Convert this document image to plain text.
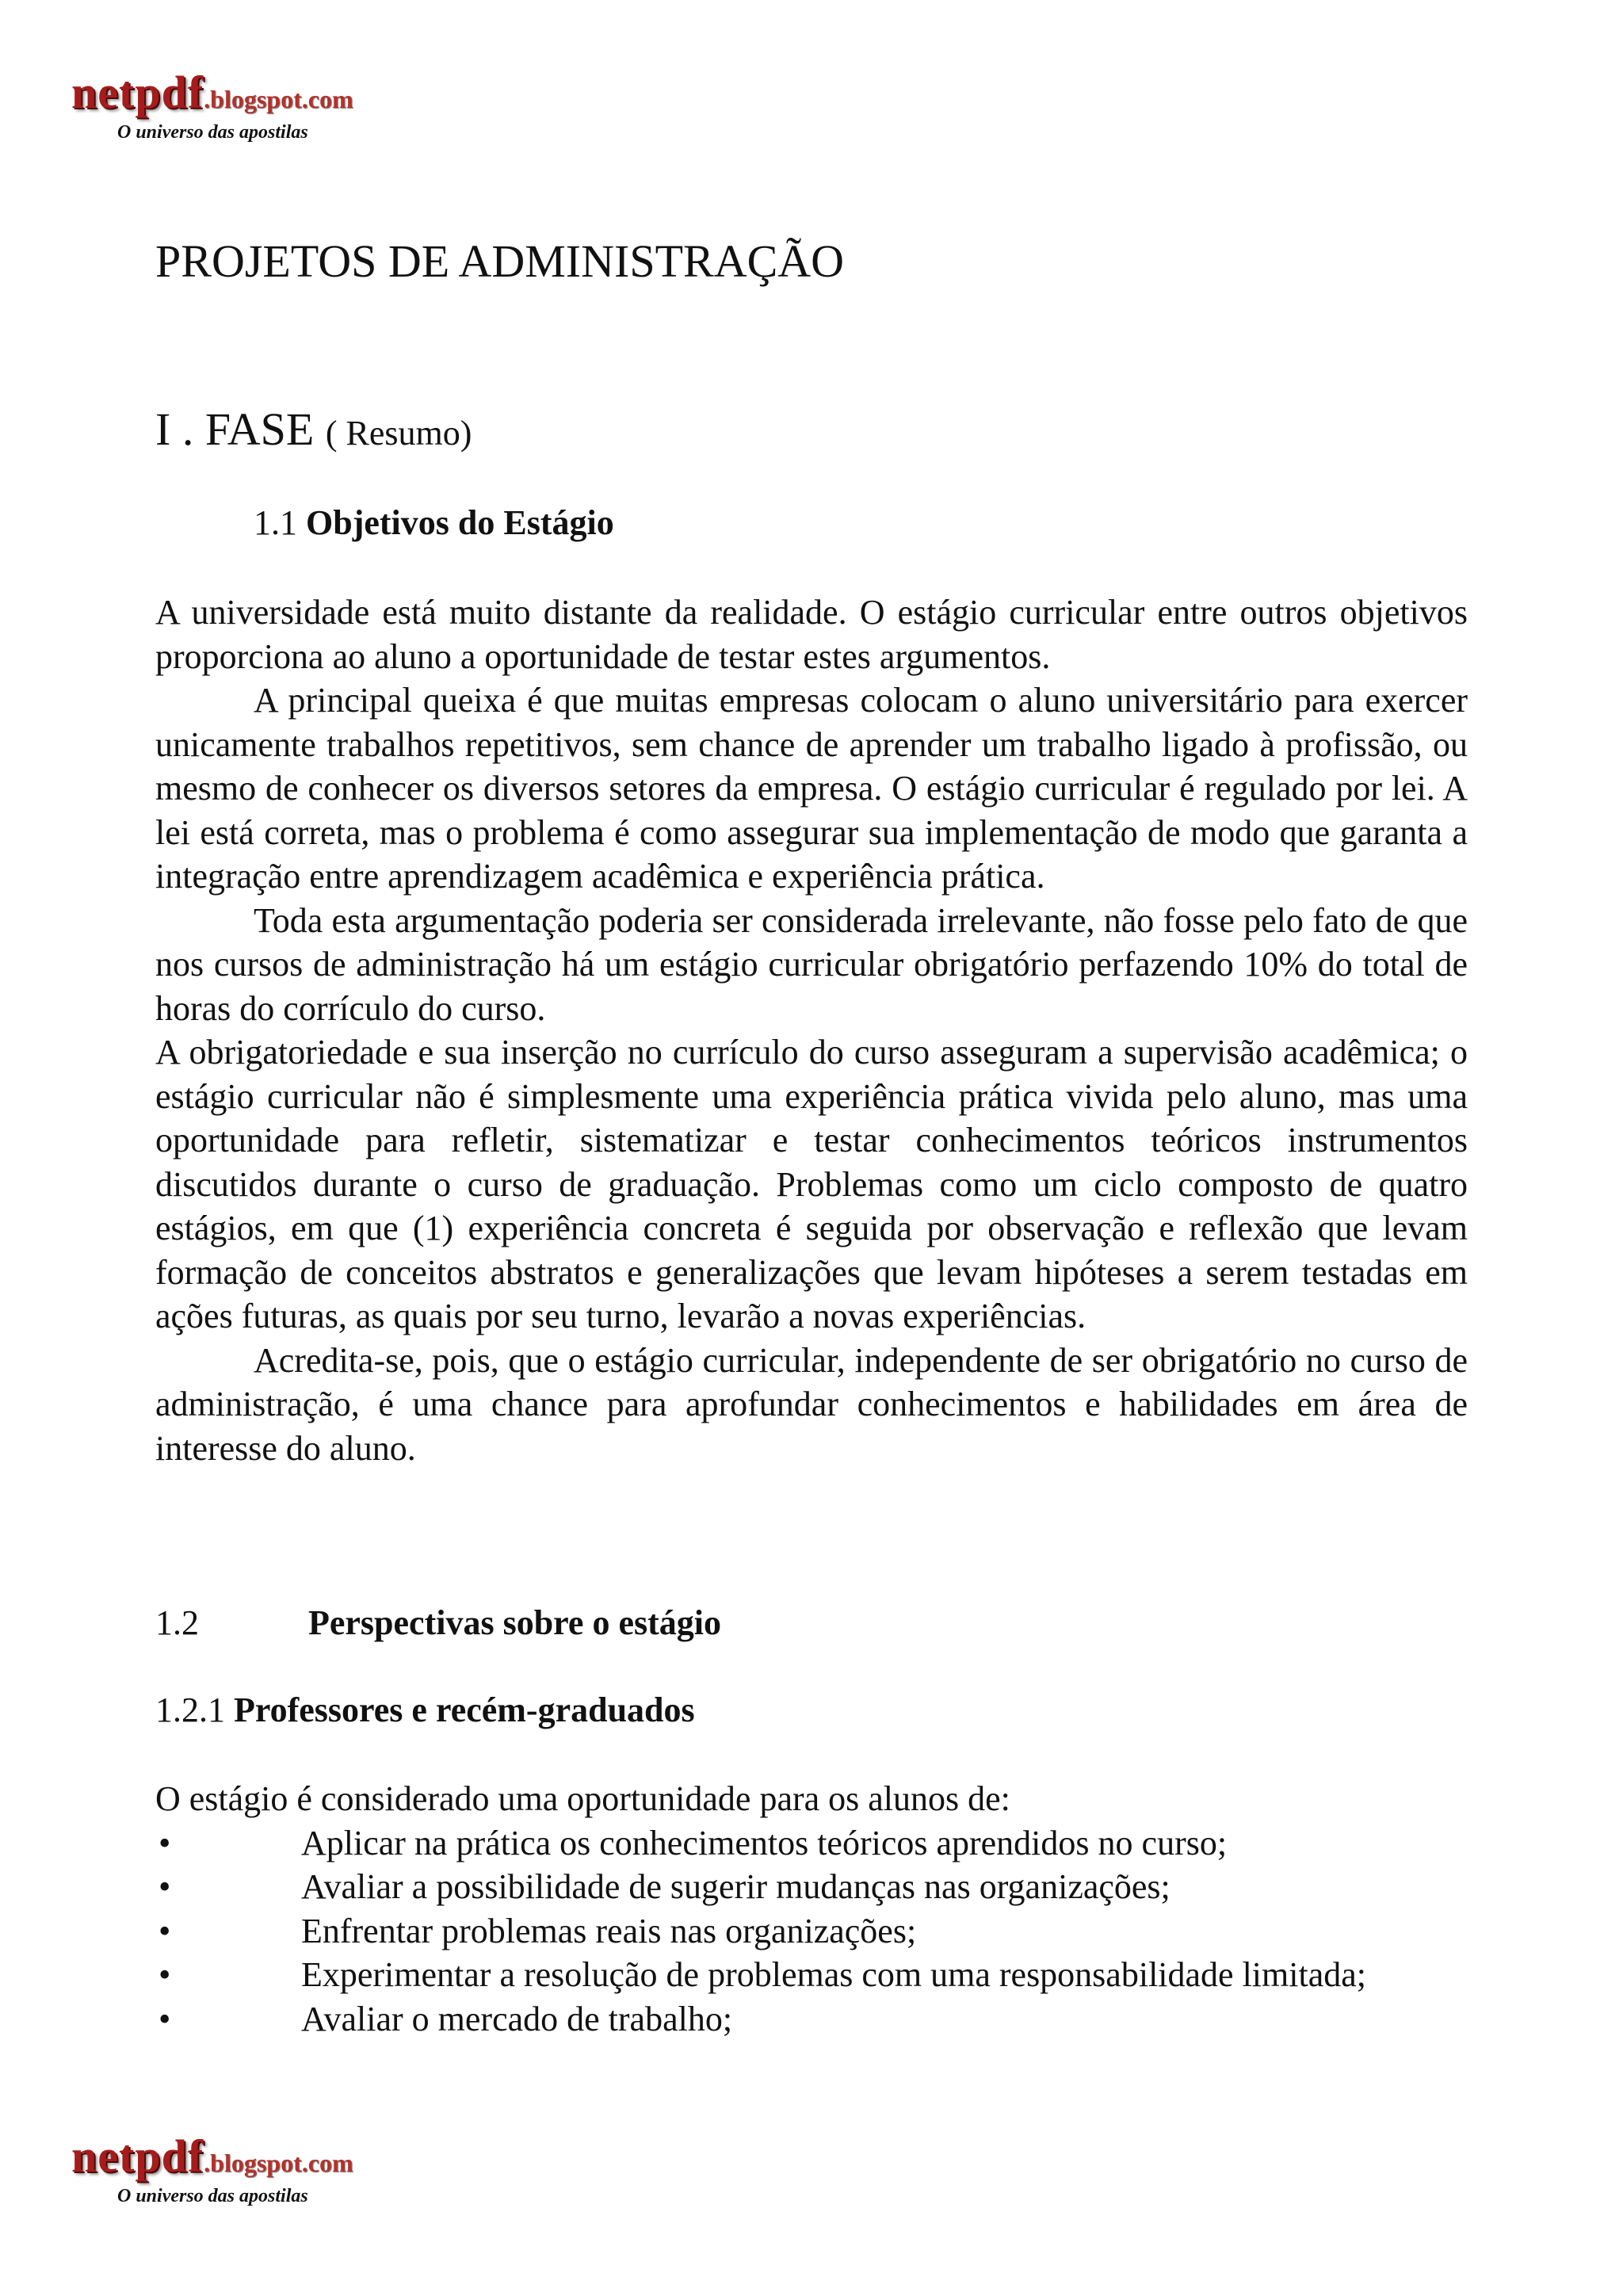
netpdf.blogspot.com
O universo das apostilas
PROJETOS DE ADMINISTRAÇÃO
I . FASE ( Resumo)
1.1 Objetivos do Estágio

A universidade está muito distante da realidade. O estágio curricular entre outros objetivos proporciona ao aluno a oportunidade de testar estes argumentos.

A principal queixa é que muitas empresas colocam o aluno universitário para exercer unicamente trabalhos repetitivos, sem chance de aprender um trabalho ligado à profissão, ou mesmo de conhecer os diversos setores da empresa. O estágio curricular é regulado por lei. A lei está correta, mas o problema é como assegurar sua implementação de modo que garanta a integração entre aprendizagem acadêmica e experiência prática.

Toda esta argumentação poderia ser considerada irrelevante, não fosse pelo fato de que nos cursos de administração há um estágio curricular obrigatório perfazendo 10% do total de horas do corrículo do curso.

A obrigatoriedade e sua inserção no currículo do curso asseguram a supervisão acadêmica; o estágio curricular não é simplesmente uma experiência prática vivida pelo aluno, mas uma oportunidade para refletir, sistematizar e testar conhecimentos teóricos instrumentos discutidos durante o curso de graduação. Problemas como um ciclo composto de quatro estágios, em que (1) experiência concreta é seguida por observação e reflexão que levam formação de conceitos abstratos e generalizações que levam hipóteses a serem testadas em ações futuras, as quais por seu turno, levarão a novas experiências.

Acredita-se, pois, que o estágio curricular, independente de ser obrigatório no curso de administração, é uma chance para aprofundar conhecimentos e habilidades em área de interesse do aluno.

1.2	Perspectivas sobre o estágio
1.2.1 Professores e recém-graduados
O estágio é considerado uma oportunidade para os alunos de:
•	Aplicar na prática os conhecimentos teóricos aprendidos no curso;
•	Avaliar a possibilidade de sugerir mudanças nas organizações;
•	Enfrentar problemas reais nas organizações;
•	Experimentar a resolução de problemas com uma responsabilidade limitada;
•	Avaliar o mercado de trabalho;
netpdf.blogspot.com
O universo das apostilas
